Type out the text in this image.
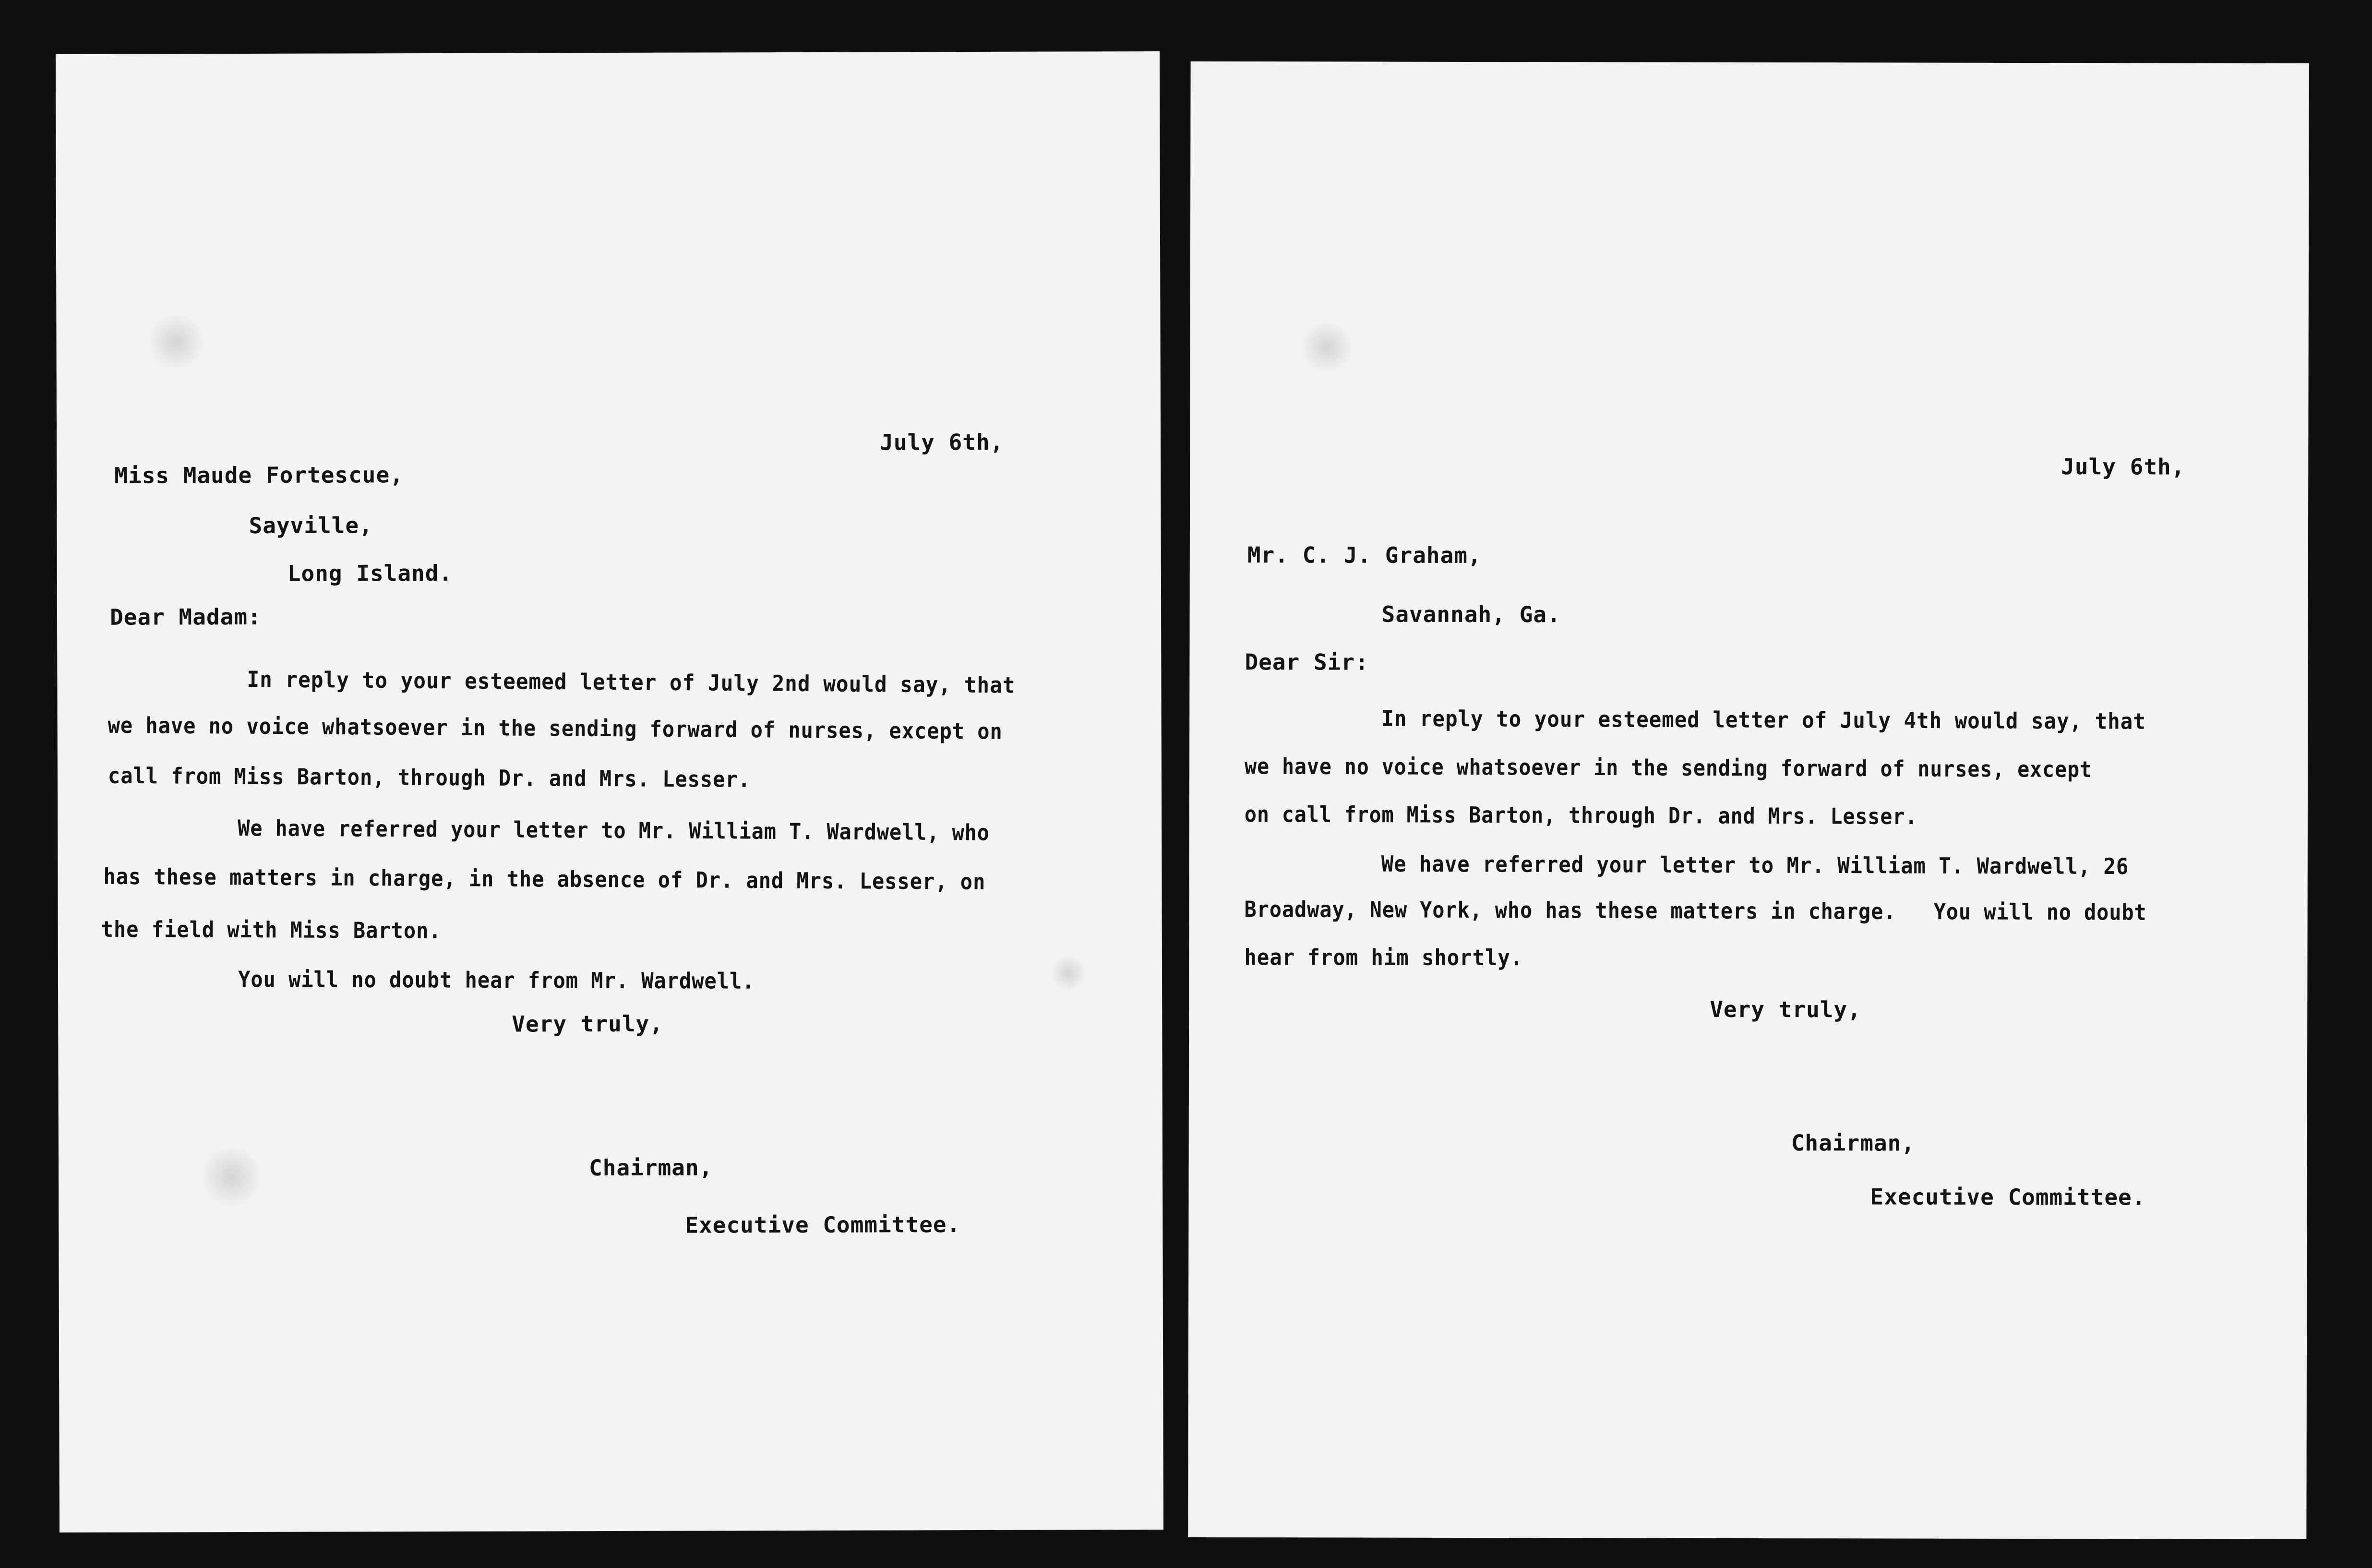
July 6th,
Miss Maude Fortescue,
Sayville,
Long Island.
Dear Madam:
In reply to your esteemed letter of July 2nd would say, that
we have no voice whatsoever in the sending forward of nurses, except on
call from Miss Barton, through Dr. and Mrs. Lesser.
We have referred your letter to Mr. William T. Wardwell, who
has these matters in charge, in the absence of Dr. and Mrs. Lesser, on
the field with Miss Barton.
You will no doubt hear from Mr. Wardwell.
Very truly,
Chairman,
Executive Committee.
July 6th,
Mr. C. J. Graham,
Savannah, Ga.
Dear Sir:
In reply to your esteemed letter of July 4th would say, that
we have no voice whatsoever in the sending forward of nurses, except
on call from Miss Barton, through Dr. and Mrs. Lesser.
We have referred your letter to Mr. William T. Wardwell, 26
Broadway, New York, who has these matters in charge.   You will no doubt
hear from him shortly.
Very truly,
Chairman,
Executive Committee.
